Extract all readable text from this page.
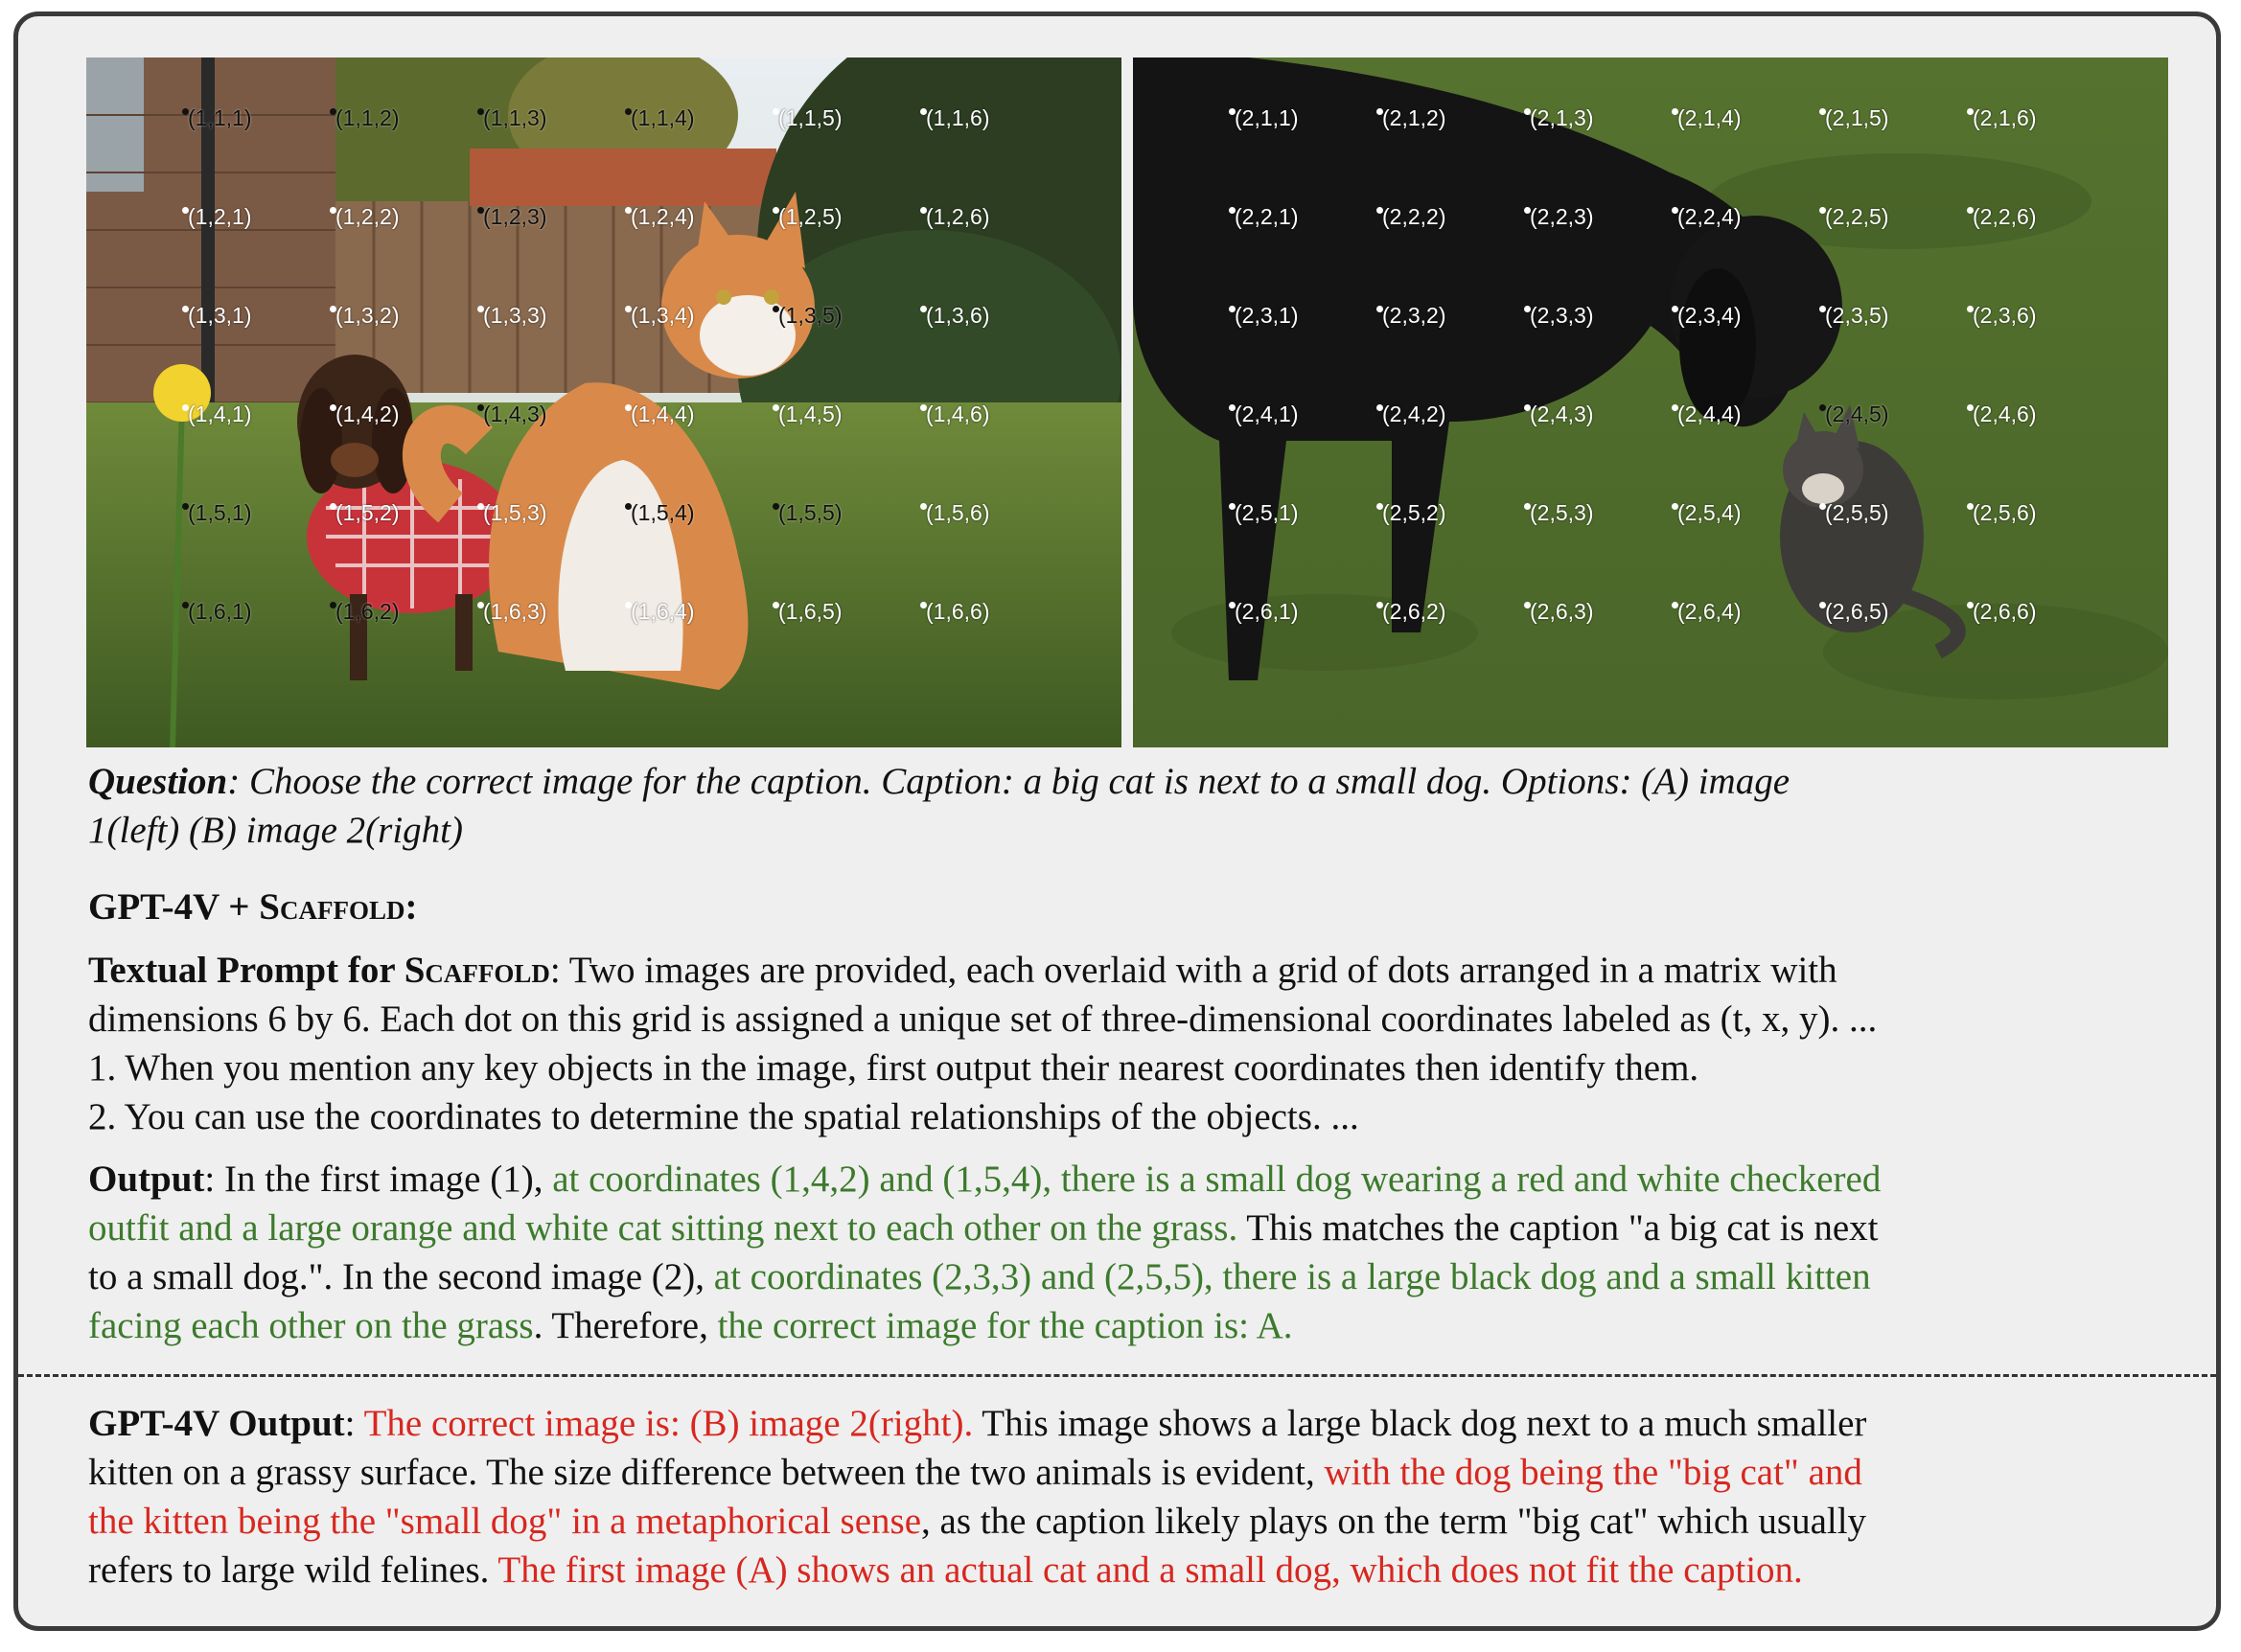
(1,1,1)	(1,1,2)	(1,1,3)	(1,1,4)	(1,1,5)	(1,1,6)
(1,2,1)	(1,2,2)	(1,2,3)	(1,2,4)	(1,2,5)	(1,2,6)
(1,3,1)	(1,3,2)	(1,3,3)	(1,3,4)	(1,3,5)	(1,3,6)
(1,4,1)	(1,4,2)	(1,4,3)	(1,4,4)	(1,4,5)	(1,4,6)
(1,5,1)	(1,5,2)	(1,5,3)	(1,5,4)	(1,5,5)	(1,5,6)
(1,6,1)	(1,6,2)	(1,6,3)	(1,6,4)	(1,6,5)	(1,6,6)
(2,1,1)	(2,1,2)	(2,1,3)	(2,1,4)	(2,1,5)	(2,1,6)
(2,2,1)	(2,2,2)	(2,2,3)	(2,2,4)	(2,2,5)	(2,2,6)
(2,3,1)	(2,3,2)	(2,3,3)	(2,3,4)	(2,3,5)	(2,3,6)
(2,4,1)	(2,4,2)	(2,4,3)	(2,4,4)	(2,4,5)	(2,4,6)
(2,5,1)	(2,5,2)	(2,5,3)	(2,5,4)	(2,5,5)	(2,5,6)
(2,6,1)	(2,6,2)	(2,6,3)	(2,6,4)	(2,6,5)	(2,6,6)
Question: Choose the correct image for the caption. Caption: a big cat is next to a small dog. Options: (A) image
1(left) (B) image 2(right)
GPT-4V + Scaffold:
Textual Prompt for Scaffold: Two images are provided, each overlaid with a grid of dots arranged in a matrix with
dimensions 6 by 6. Each dot on this grid is assigned a unique set of three-dimensional coordinates labeled as (t, x, y). ...
1. When you mention any key objects in the image, first output their nearest coordinates then identify them.
2. You can use the coordinates to determine the spatial relationships of the objects. ...
Output: In the first image (1), at coordinates (1,4,2) and (1,5,4), there is a small dog wearing a red and white checkered
outfit and a large orange and white cat sitting next to each other on the grass. This matches the caption "a big cat is next
to a small dog.". In the second image (2), at coordinates (2,3,3) and (2,5,5), there is a large black dog and a small kitten
facing each other on the grass. Therefore, the correct image for the caption is: A.
GPT-4V Output: The correct image is: (B) image 2(right). This image shows a large black dog next to a much smaller
kitten on a grassy surface. The size difference between the two animals is evident, with the dog being the "big cat" and
the kitten being the "small dog" in a metaphorical sense, as the caption likely plays on the term "big cat" which usually
refers to large wild felines. The first image (A) shows an actual cat and a small dog, which does not fit the caption.
